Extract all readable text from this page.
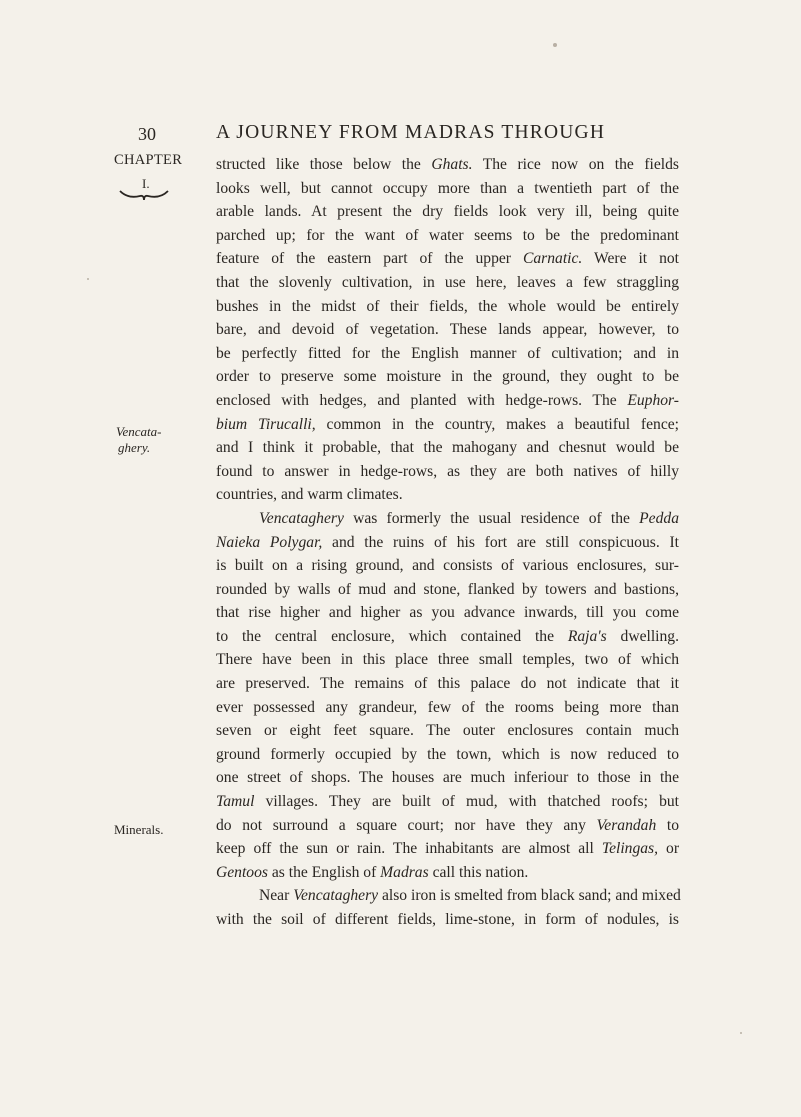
30	A JOURNEY FROM MADRAS THROUGH
CHAPTER
I.
Vencata-
ghery.
Minerals.
structed like those below the Ghats. The rice now on the fields
looks well, but cannot occupy more than a twentieth part of the
arable lands. At present the dry fields look very ill, being quite
parched up; for the want of water seems to be the predominant
feature of the eastern part of the upper Carnatic. Were it not
that the slovenly cultivation, in use here, leaves a few straggling
bushes in the midst of their fields, the whole would be entirely
bare, and devoid of vegetation. These lands appear, however, to
be perfectly fitted for the English manner of cultivation; and in
order to preserve some moisture in the ground, they ought to be
enclosed with hedges, and planted with hedge-rows. The Euphor-
bium Tirucalli, common in the country, makes a beautiful fence;
and I think it probable, that the mahogany and chesnut would be
found to answer in hedge-rows, as they are both natives of hilly
countries, and warm climates.
Vencataghery was formerly the usual residence of the Pedda
Naieka Polygar, and the ruins of his fort are still conspicuous. It
is built on a rising ground, and consists of various enclosures, sur-
rounded by walls of mud and stone, flanked by towers and bastions,
that rise higher and higher as you advance inwards, till you come
to the central enclosure, which contained the Raja's dwelling.
There have been in this place three small temples, two of which
are preserved. The remains of this palace do not indicate that it
ever possessed any grandeur, few of the rooms being more than
seven or eight feet square. The outer enclosures contain much
ground formerly occupied by the town, which is now reduced to
one street of shops. The houses are much inferiour to those in the
Tamul villages. They are built of mud, with thatched roofs; but
do not surround a square court; nor have they any Verandah to
keep off the sun or rain. The inhabitants are almost all Telingas, or
Gentoos as the English of Madras call this nation.
Near Vencataghery also iron is smelted from black sand; and mixed
with the soil of different fields, lime-stone, in form of nodules, is
